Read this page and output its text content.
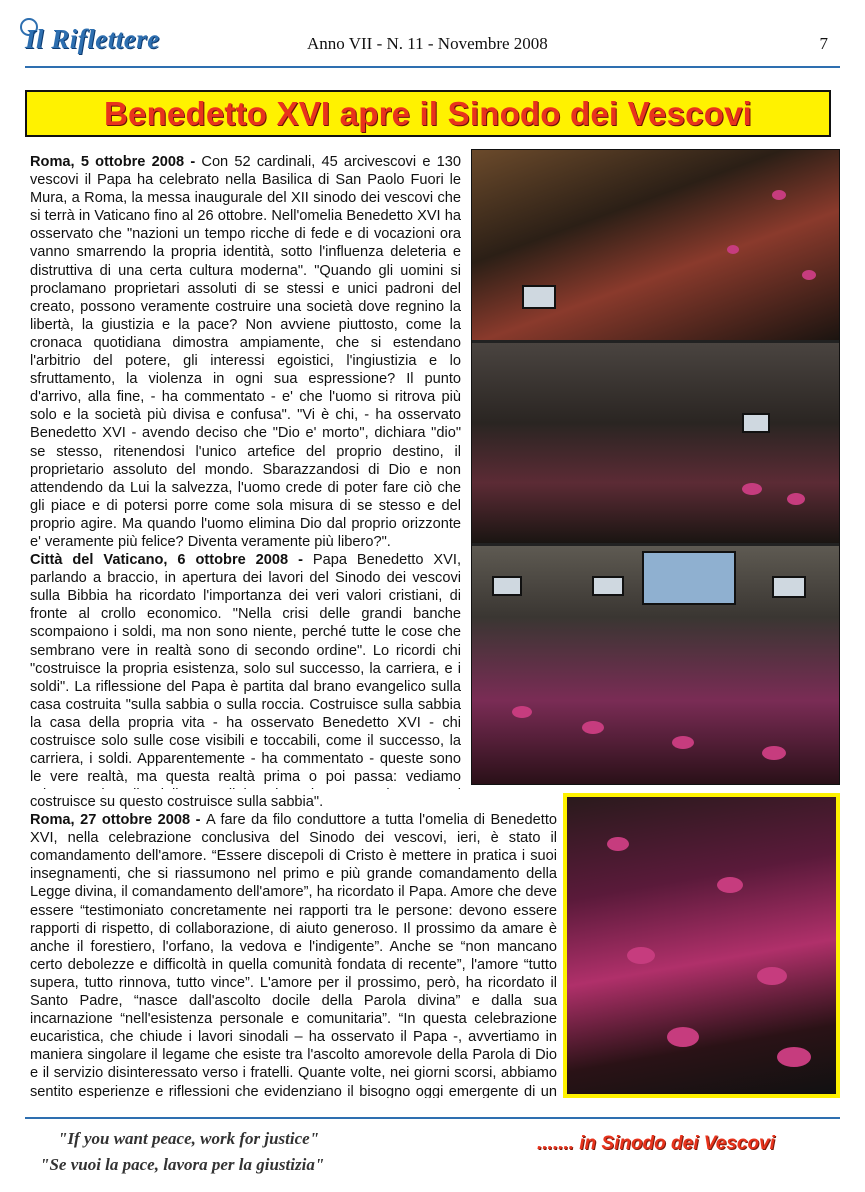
Il Riflettere	Anno VII - N. 11 - Novembre 2008	7
Benedetto XVI apre il Sinodo dei Vescovi

Roma, 5 ottobre 2008 - Con 52 cardinali, 45 arcivescovi e 130 vescovi il Papa ha celebrato nella Basilica di San Paolo Fuori le Mura, a Roma, la messa inaugurale del XII sinodo dei vescovi che si terrà in Vaticano fino al 26 ottobre. Nell'omelia Benedetto XVI ha osservato che "nazioni un tempo ricche di fede e di vocazioni ora vanno smarrendo la propria identità, sotto l'influenza deleteria e distruttiva di una certa cultura moderna". "Quando gli uomini si proclamano proprietari assoluti di se stessi e unici padroni del creato, possono veramente costruire una società dove regnino la libertà, la giustizia e la pace? Non avviene piuttosto, come la cronaca quotidiana dimostra ampiamente, che si estendano l'arbitrio del potere, gli interessi egoistici, l'ingiustizia e lo sfruttamento, la violenza in ogni sua espressione? Il punto d'arrivo, alla fine, - ha commentato - e' che l'uomo si ritrova più solo e la società più divisa e confusa". "Vi è chi, - ha osservato Benedetto XVI - avendo deciso che "Dio e' morto", dichiara "dio" se stesso, ritenendosi l'unico artefice del proprio destino, il proprietario assoluto del mondo. Sbarazzandosi di Dio e non attendendo da Lui la salvezza, l'uomo crede di poter fare ciò che gli piace e di potersi porre come sola misura di se stesso e del proprio agire. Ma quando l'uomo elimina Dio dal proprio orizzonte e' veramente più felice? Diventa veramente più libero?".

Città del Vaticano, 6 ottobre 2008 - Papa Benedetto XVI, parlando a braccio, in apertura dei lavori del Sinodo dei vescovi sulla Bibbia ha ricordato l'importanza dei veri valori cristiani, di fronte al crollo economico. "Nella crisi delle grandi banche scompaiono i soldi, ma non sono niente, perché tutte le cose che sembrano vere in realtà sono di secondo ordine". Lo ricordi chi "costruisce la propria esistenza, solo sul successo, la carriera, e i soldi". La riflessione del Papa è partita dal brano evangelico sulla casa costruita "sulla sabbia o sulla roccia. Costruisce sulla sabbia la casa della propria vita - ha osservato Benedetto XVI - chi costruisce solo sulle cose visibili e toccabili, come il successo, la carriera, i soldi. Apparentemente - ha commentato - queste sono le vere realtà, ma questa realtà prima o poi passa: vediamo

costruisce su questo costruisce sulla sabbia".

Roma, 27 ottobre 2008 - A fare da filo conduttore a tutta l'omelia di Benedetto XVI, nella celebrazione conclusiva del Sinodo dei vescovi, ieri, è stato il comandamento dell'amore. “Essere discepoli di Cristo è mettere in pratica i suoi insegnamenti, che si riassumono nel primo e più grande comandamento della Legge divina, il comandamento dell'amore”, ha ricordato il Papa. Amore che deve essere “testimoniato concretamente nei rapporti tra le persone: devono essere rapporti di rispetto, di collaborazione, di aiuto generoso. Il prossimo da amare è anche il forestiero, l'orfano, la vedova e l'indigente”. Anche se “non mancano certo debolezze e difficoltà in quella comunità fondata di recente”, l'amore “tutto supera, tutto rinnova, tutto vince”. L'amore per il prossimo, però, ha ricordato il Santo Padre, “nasce dall'ascolto docile della Parola divina” e dalla sua incarnazione “nell'esistenza personale e comunitaria”. “In questa celebrazione eucaristica, che chiude i lavori sinodali – ha osservato il Papa -, avvertiamo in maniera singolare il legame che esiste tra l'ascolto amorevole della Parola di Dio e il servizio disinteressato verso i fratelli. Quante volte, nei giorni scorsi, abbiamo sentito esperienze e riflessioni che evidenziano il bisogno oggi emergente di un

"If you want peace, work for justice"
"Se vuoi la pace, lavora per la giustizia"
....... in Sinodo dei Vescovi
